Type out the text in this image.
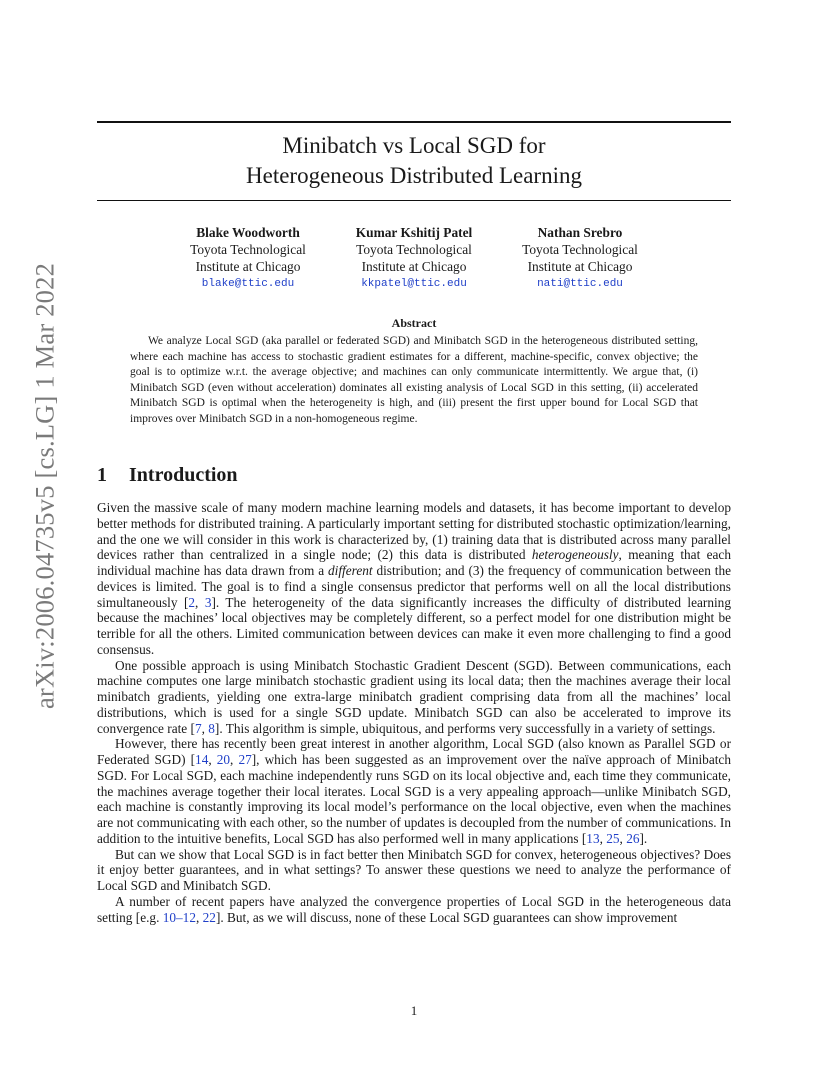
arXiv:2006.04735v5 [cs.LG] 1 Mar 2022
Minibatch vs Local SGD for
Heterogeneous Distributed Learning
Blake Woodworth
Toyota Technological
Institute at Chicago
blake@ttic.edu
Kumar Kshitij Patel
Toyota Technological
Institute at Chicago
kkpatel@ttic.edu
Nathan Srebro
Toyota Technological
Institute at Chicago
nati@ttic.edu
Abstract
We analyze Local SGD (aka parallel or federated SGD) and Minibatch SGD in the heterogeneous distributed setting, where each machine has access to stochastic gradient estimates for a different, machine-specific, convex objective; the goal is to optimize w.r.t. the average objective; and machines can only communicate intermittently. We argue that, (i) Minibatch SGD (even without acceleration) dominates all existing analysis of Local SGD in this setting, (ii) accelerated Minibatch SGD is optimal when the heterogeneity is high, and (iii) present the first upper bound for Local SGD that improves over Minibatch SGD in a non-homogeneous regime.
1 Introduction

Given the massive scale of many modern machine learning models and datasets, it has become important to develop better methods for distributed training. A particularly important setting for distributed stochastic optimization/learning, and the one we will consider in this work is characterized by, (1) training data that is distributed across many parallel devices rather than centralized in a single node; (2) this data is distributed heterogeneously, meaning that each individual machine has data drawn from a different distribution; and (3) the frequency of communication between the devices is limited. The goal is to find a single consensus predictor that performs well on all the local distributions simultaneously [2, 3]. The heterogeneity of the data significantly increases the difficulty of distributed learning because the machines’ local objectives may be completely different, so a perfect model for one distribution might be terrible for all the others. Limited communication between devices can make it even more challenging to find a good consensus.

One possible approach is using Minibatch Stochastic Gradient Descent (SGD). Between communications, each machine computes one large minibatch stochastic gradient using its local data; then the machines average their local minibatch gradients, yielding one extra-large minibatch gradient comprising data from all the machines’ local distributions, which is used for a single SGD update. Minibatch SGD can also be accelerated to improve its convergence rate [7, 8]. This algorithm is simple, ubiquitous, and performs very successfully in a variety of settings.

However, there has recently been great interest in another algorithm, Local SGD (also known as Parallel SGD or Federated SGD) [14, 20, 27], which has been suggested as an improvement over the naïve approach of Minibatch SGD. For Local SGD, each machine independently runs SGD on its local objective and, each time they communicate, the machines average together their local iterates. Local SGD is a very appealing approach—unlike Minibatch SGD, each machine is constantly improving its local model’s performance on the local objective, even when the machines are not communicating with each other, so the number of updates is decoupled from the number of communications. In addition to the intuitive benefits, Local SGD has also performed well in many applications [13, 25, 26].

But can we show that Local SGD is in fact better then Minibatch SGD for convex, heterogeneous objectives? Does it enjoy better guarantees, and in what settings? To answer these questions we need to analyze the performance of Local SGD and Minibatch SGD.

A number of recent papers have analyzed the convergence properties of Local SGD in the heterogeneous data setting [e.g. 10–12, 22]. But, as we will discuss, none of these Local SGD guarantees can show improvement

1
